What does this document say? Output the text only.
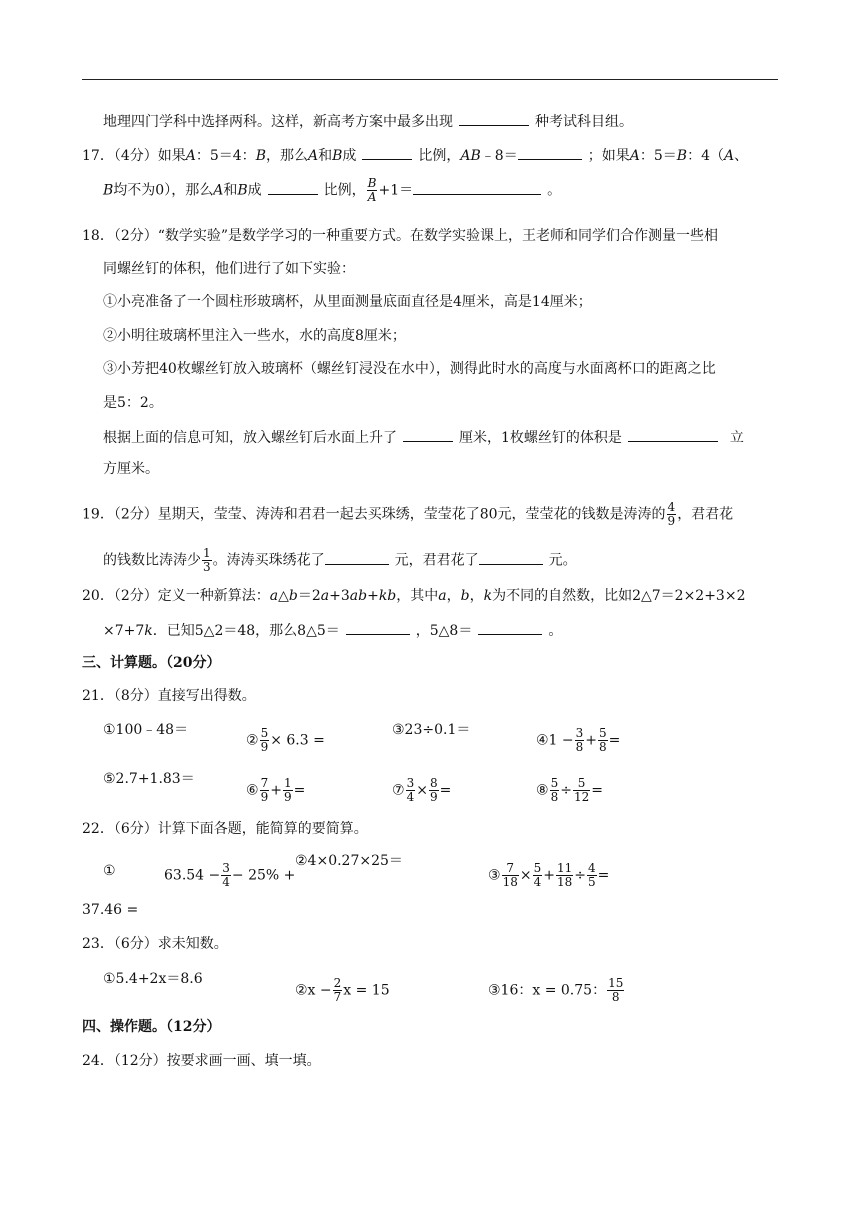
地理四门学科中选择两科。这样，新高考方案中最多出现	种考试科目组。
17．（4分）如果A：5＝4：B，那么A和B成	比例，AB﹣8＝	；如果A：5＝B：4（A、
B均不为0），那么A和B成	比例， $\frac{B}{A} +1=$	。
18．（2分）“数学实验”是数学学习的一种重要方式。在数学实验课上，王老师和同学们合作测量一些相
同螺丝钉的体积，他们进行了如下实验：
①小亮准备了一个圆柱形玻璃杯，从里面测量底面直径是4厘米，高是14厘米；
②小明往玻璃杯里注入一些水，水的高度8厘米；
③小芳把40枚螺丝钉放入玻璃杯（螺丝钉浸没在水中），测得此时水的高度与水面离杯口的距离之比
是5：2。
根据上面的信息可知，放入螺丝钉后水面上升了	厘米，1枚螺丝钉的体积是	立
方厘米。
19．（2分）星期天，莹莹、涛涛和君君一起去买珠绣，莹莹花了80元，莹莹花的钱数是涛涛的 $\frac{4}{9}$ ，君君花
的钱数比涛涛少 $\frac{1}{3}$ 。涛涛买珠绣花了	元，君君花了	元。
20．（2分）定义一种新算法：a△b＝2a+3ab+kb，其中a，b，k为不同的自然数，比如2△7＝2×2+3×2
×7+7k．已知5△2＝48，那么8△5＝	，5△8＝	。
三、计算题。（20分）
21．（8分）直接写出得数。
①100﹣48＝
② $\frac{5}{9} \times 6.3$ =
③23÷0.1＝
④1 − $\frac{3}{8} + \frac{5}{8}$ =
⑤2.7+1.83＝
⑥ $\frac{7}{9} + \frac{1}{9}$ =	⑦ $\frac{3}{4} \times \frac{8}{9}$ =	⑧ $\frac{5}{8} \div \frac{5}{12}$ =
22．（6分）计算下面各题，能简算的要简算。
①	$63.54 - \frac{3}{4} - 25\%$ +
37.46 =
②4×0.27×25＝
③ $\frac{7}{18} \times \frac{5}{4} + \frac{11}{18} \div \frac{4}{5}$ =
23．（6分）求未知数。
①5.4+2x＝8.6
②x − $\frac{2}{7}$ x = 15	③16：x = 0.75： $\frac{15}{8}$
四、操作题。（12分）
24．（12分）按要求画一画、填一填。
